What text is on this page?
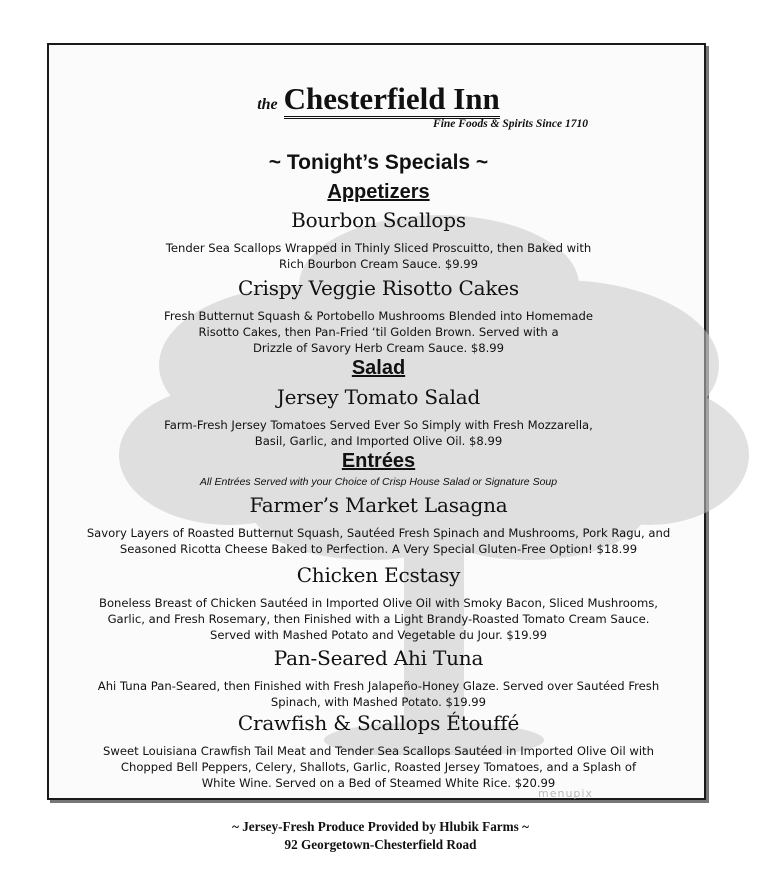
the Chesterfield Inn
Fine Foods & Spirits Since 1710
~ Tonight’s Specials ~
Appetizers
Bourbon Scallops
Tender Sea Scallops Wrapped in Thinly Sliced Proscuitto, then Baked with
Rich Bourbon Cream Sauce. $9.99
Crispy Veggie Risotto Cakes
Fresh Butternut Squash & Portobello Mushrooms Blended into Homemade
Risotto Cakes, then Pan-Fried ‘til Golden Brown. Served with a
Drizzle of Savory Herb Cream Sauce. $8.99
Salad
Jersey Tomato Salad
Farm-Fresh Jersey Tomatoes Served Ever So Simply with Fresh Mozzarella,
Basil, Garlic, and Imported Olive Oil. $8.99
Entrées
All Entrées Served with your Choice of Crisp House Salad or Signature Soup
Farmer’s Market Lasagna
Savory Layers of Roasted Butternut Squash, Sautéed Fresh Spinach and Mushrooms, Pork Ragu, and
Seasoned Ricotta Cheese Baked to Perfection. A Very Special Gluten-Free Option! $18.99
Chicken Ecstasy
Boneless Breast of Chicken Sautéed in Imported Olive Oil with Smoky Bacon, Sliced Mushrooms,
Garlic, and Fresh Rosemary, then Finished with a Light Brandy-Roasted Tomato Cream Sauce.
Served with Mashed Potato and Vegetable du Jour. $19.99
Pan-Seared Ahi Tuna
Ahi Tuna Pan-Seared, then Finished with Fresh Jalapeño-Honey Glaze. Served over Sautéed Fresh
Spinach, with Mashed Potato. $19.99
Crawfish & Scallops Étouffé
Sweet Louisiana Crawfish Tail Meat and Tender Sea Scallops Sautéed in Imported Olive Oil with
Chopped Bell Peppers, Celery, Shallots, Garlic, Roasted Jersey Tomatoes, and a Splash of
White Wine. Served on a Bed of Steamed White Rice. $20.99
menupix
~ Jersey-Fresh Produce Provided by Hlubik Farms ~
92 Georgetown-Chesterfield Road
